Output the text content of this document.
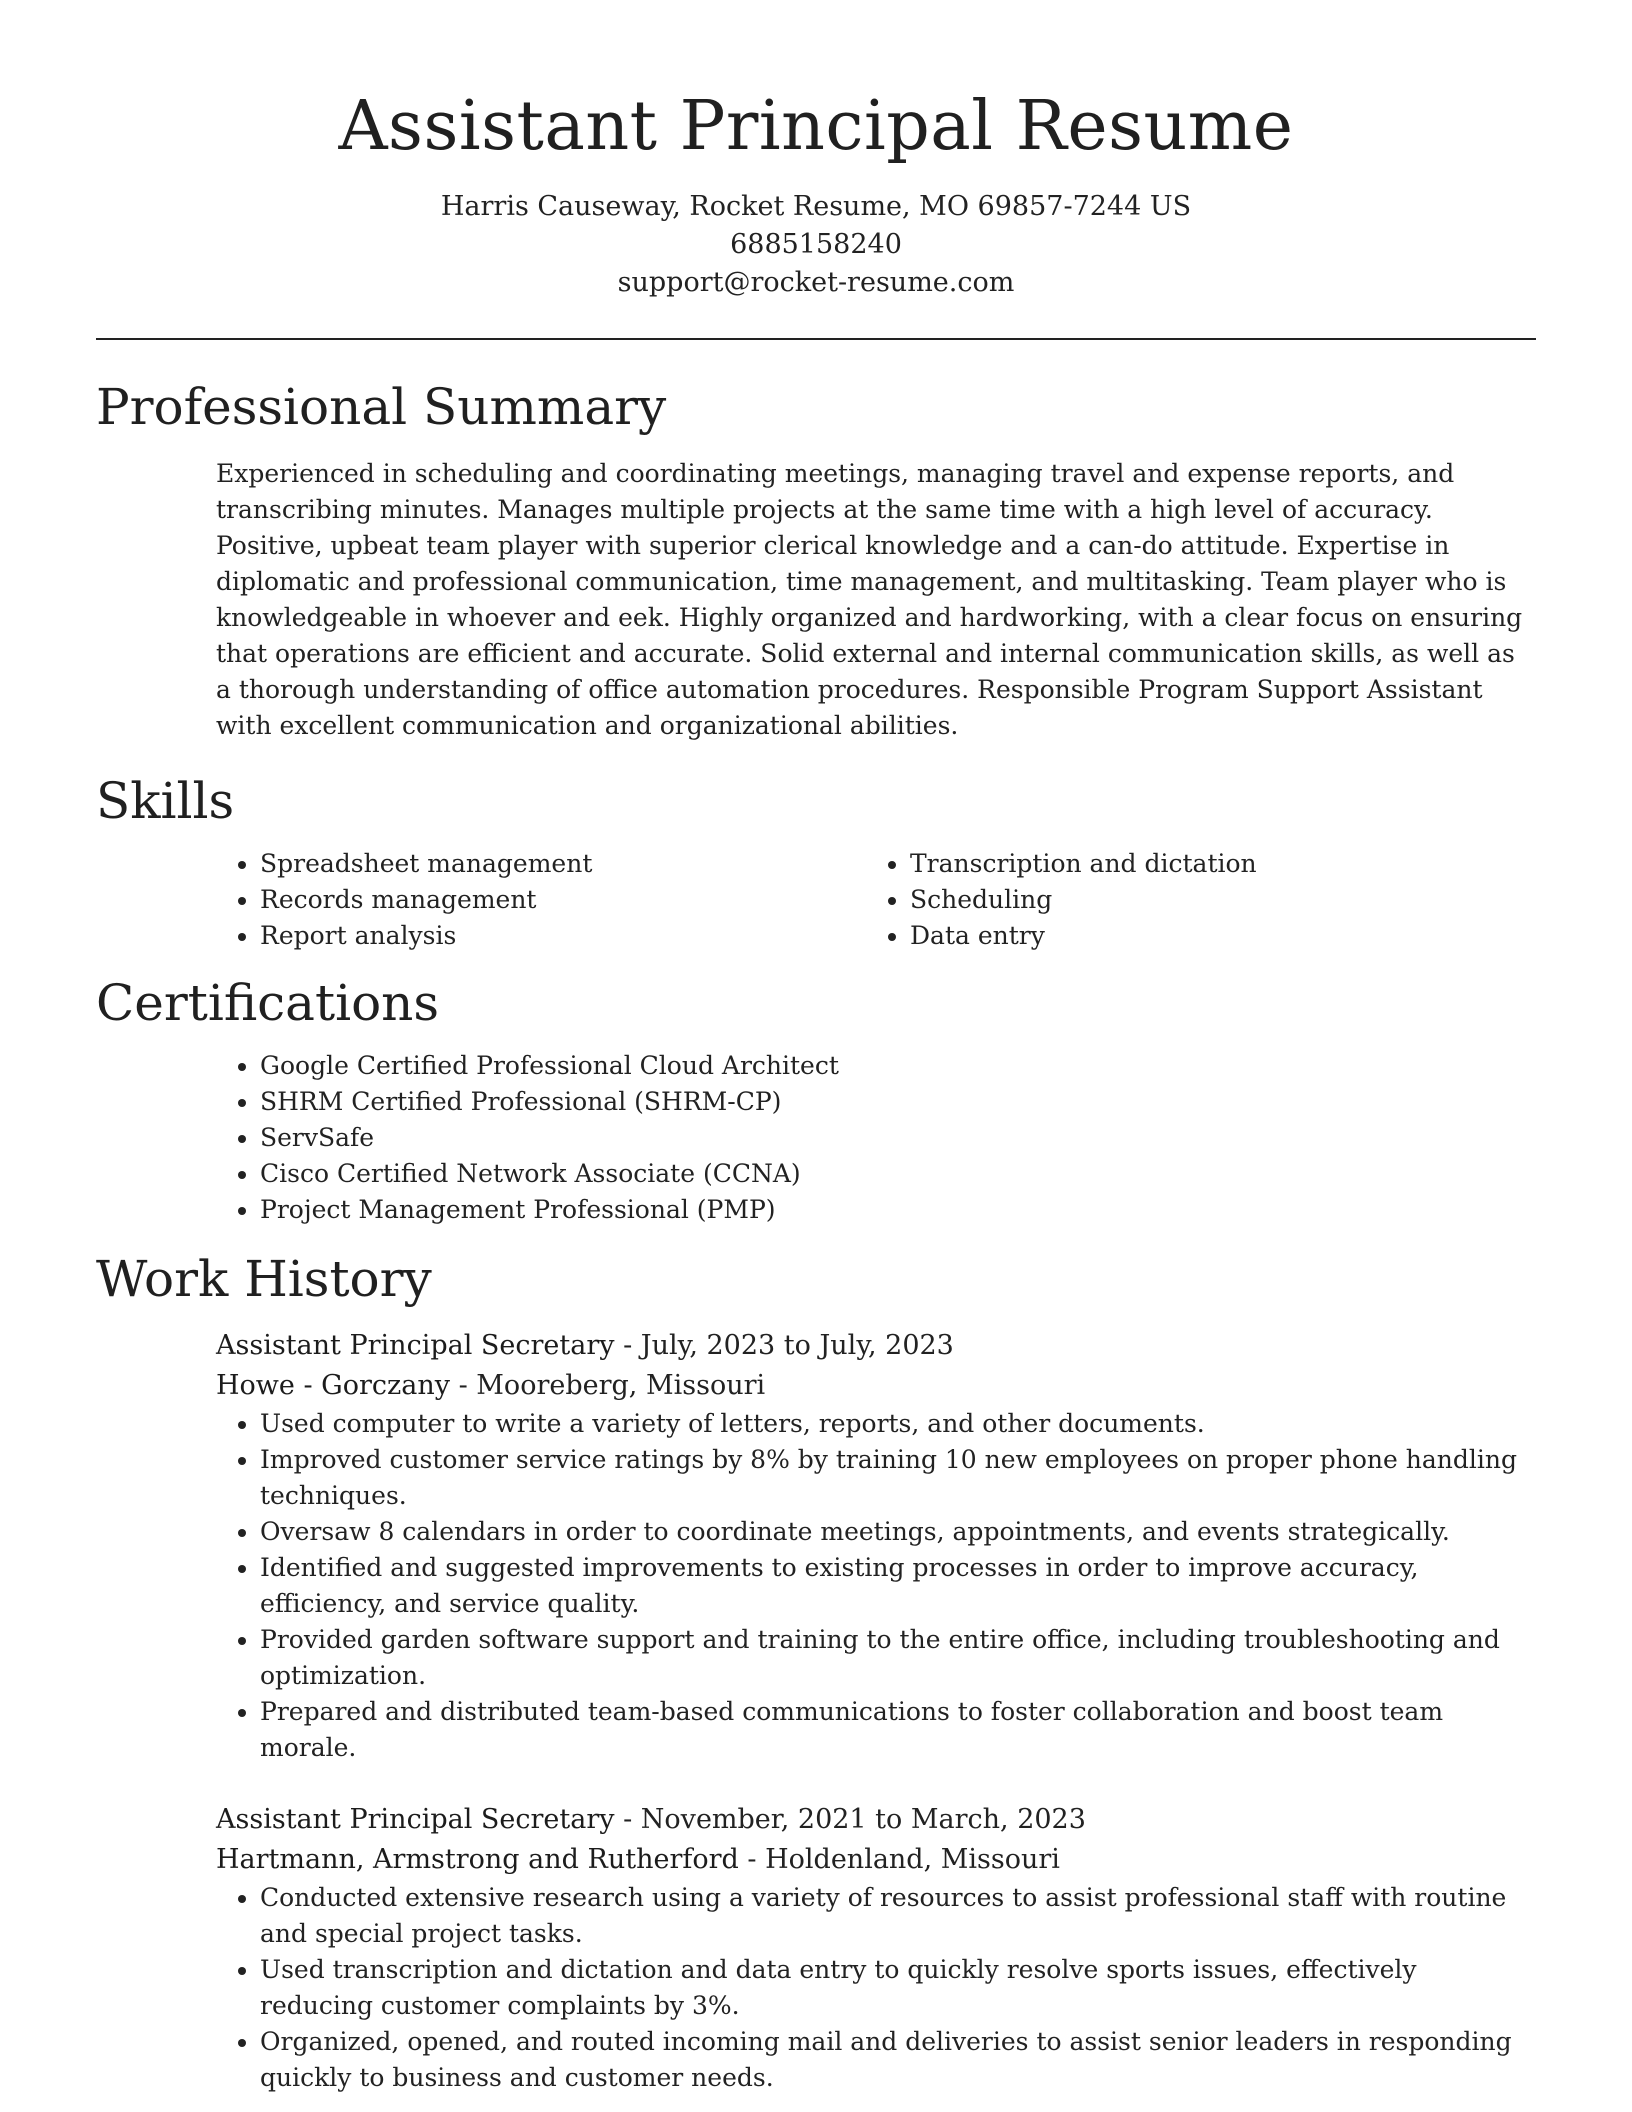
Assistant Principal Resume
Harris Causeway, Rocket Resume, MO 69857-7244 US
6885158240
support@rocket-resume.com
Professional Summary
Experienced in scheduling and coordinating meetings, managing travel and expense reports, and transcribing minutes. Manages multiple projects at the same time with a high level of accuracy. Positive, upbeat team player with superior clerical knowledge and a can-do attitude. Expertise in diplomatic and professional communication, time management, and multitasking. Team player who is knowledgeable in whoever and eek. Highly organized and hardworking, with a clear focus on ensuring that operations are efficient and accurate. Solid external and internal communication skills, as well as a thorough understanding of office automation procedures. Responsible Program Support Assistant with excellent communication and organizational abilities.
Skills
• Spreadsheet management
• Records management
• Report analysis
• Transcription and dictation
• Scheduling
• Data entry
Certifications
• Google Certified Professional Cloud Architect
• SHRM Certified Professional (SHRM-CP)
• ServSafe
• Cisco Certified Network Associate (CCNA)
• Project Management Professional (PMP)
Work History
Assistant Principal Secretary - July, 2023 to July, 2023
Howe - Gorczany - Mooreberg, Missouri
• Used computer to write a variety of letters, reports, and other documents.
• Improved customer service ratings by 8% by training 10 new employees on proper phone handling techniques.
• Oversaw 8 calendars in order to coordinate meetings, appointments, and events strategically.
• Identified and suggested improvements to existing processes in order to improve accuracy, efficiency, and service quality.
• Provided garden software support and training to the entire office, including troubleshooting and optimization.
• Prepared and distributed team-based communications to foster collaboration and boost team morale.
Assistant Principal Secretary - November, 2021 to March, 2023
Hartmann, Armstrong and Rutherford - Holdenland, Missouri
• Conducted extensive research using a variety of resources to assist professional staff with routine and special project tasks.
• Used transcription and dictation and data entry to quickly resolve sports issues, effectively reducing customer complaints by 3%.
• Organized, opened, and routed incoming mail and deliveries to assist senior leaders in responding quickly to business and customer needs.
